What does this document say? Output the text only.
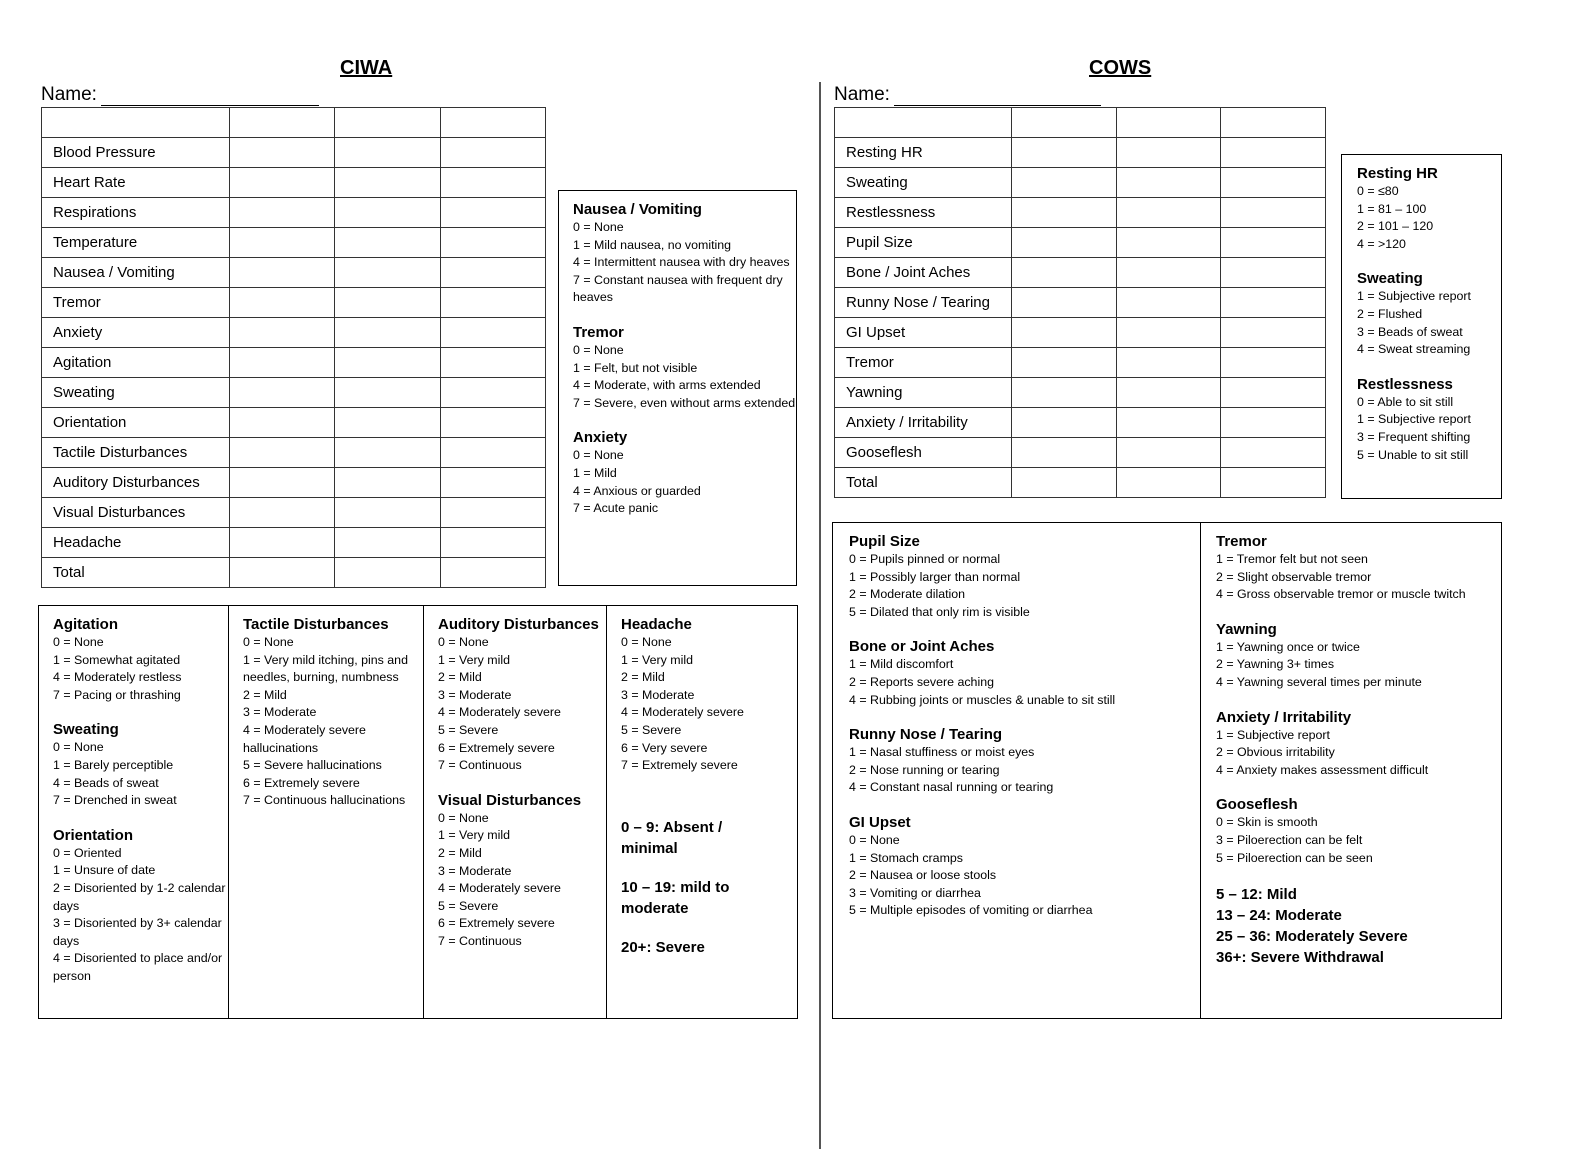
CIWA
Name:

Blood Pressure			
Heart Rate			
Respirations			
Temperature			
Nausea / Vomiting			
Tremor			
Anxiety			
Agitation			
Sweating			
Orientation			
Tactile Disturbances			
Auditory Disturbances			
Visual Disturbances			
Headache			
Total			
Nausea / Vomiting
0 = None
1 = Mild nausea, no vomiting
4 = Intermittent nausea with dry heaves
7 = Constant nausea with frequent dry heaves
Tremor
0 = None
1 = Felt, but not visible
4 = Moderate, with arms extended
7 = Severe, even without arms extended
Anxiety
0 = None
1 = Mild
4 = Anxious or guarded
7 = Acute panic
Agitation
0 = None
1 = Somewhat agitated
4 = Moderately restless
7 = Pacing or thrashing
Sweating
0 = None
1 = Barely perceptible
4 = Beads of sweat
7 = Drenched in sweat
Orientation
0 = Oriented
1 = Unsure of date
2 = Disoriented by 1-2 calendar days
3 = Disoriented by 3+ calendar days
4 = Disoriented to place and/or person
Tactile Disturbances
0 = None
1 = Very mild itching, pins and needles, burning, numbness
2 = Mild
3 = Moderate
4 = Moderately severe hallucinations
5 = Severe hallucinations
6 = Extremely severe
7 = Continuous hallucinations
Auditory Disturbances
0 = None
1 = Very mild
2 = Mild
3 = Moderate
4 = Moderately severe
5 = Severe
6 = Extremely severe
7 = Continuous
Visual Disturbances
0 = None
1 = Very mild
2 = Mild
3 = Moderate
4 = Moderately severe
5 = Severe
6 = Extremely severe
7 = Continuous
Headache
0 = None
1 = Very mild
2 = Mild
3 = Moderate
4 = Moderately severe
5 = Severe
6 = Very severe
7 = Extremely severe
0 – 9: Absent / minimal
10 – 19: mild to moderate
20+: Severe
COWS
Name:

Resting HR			
Sweating			
Restlessness			
Pupil Size			
Bone / Joint Aches			
Runny Nose / Tearing			
GI Upset			
Tremor			
Yawning			
Anxiety / Irritability			
Gooseflesh			
Total			
Resting HR
0 = ≤80
1 = 81 – 100
2 = 101 – 120
4 = >120
Sweating
1 = Subjective report
2 = Flushed
3 = Beads of sweat
4 = Sweat streaming
Restlessness
0 = Able to sit still
1 = Subjective report
3 = Frequent shifting
5 = Unable to sit still
Pupil Size
0 = Pupils pinned or normal
1 = Possibly larger than normal
2 = Moderate dilation
5 = Dilated that only rim is visible
Bone or Joint Aches
1 = Mild discomfort
2 = Reports severe aching
4 = Rubbing joints or muscles & unable to sit still
Runny Nose / Tearing
1 = Nasal stuffiness or moist eyes
2 = Nose running or tearing
4 = Constant nasal running or tearing
GI Upset
0 = None
1 = Stomach cramps
2 = Nausea or loose stools
3 = Vomiting or diarrhea
5 = Multiple episodes of vomiting or diarrhea
Tremor
1 = Tremor felt but not seen
2 = Slight observable tremor
4 = Gross observable tremor or muscle twitch
Yawning
1 = Yawning once or twice
2 = Yawning 3+ times
4 = Yawning several times per minute
Anxiety / Irritability
1 = Subjective report
2 = Obvious irritability
4 = Anxiety makes assessment difficult
Gooseflesh
0 = Skin is smooth
3 = Piloerection can be felt
5 = Piloerection can be seen
5 – 12: Mild
13 – 24: Moderate
25 – 36: Moderately Severe
36+: Severe Withdrawal
